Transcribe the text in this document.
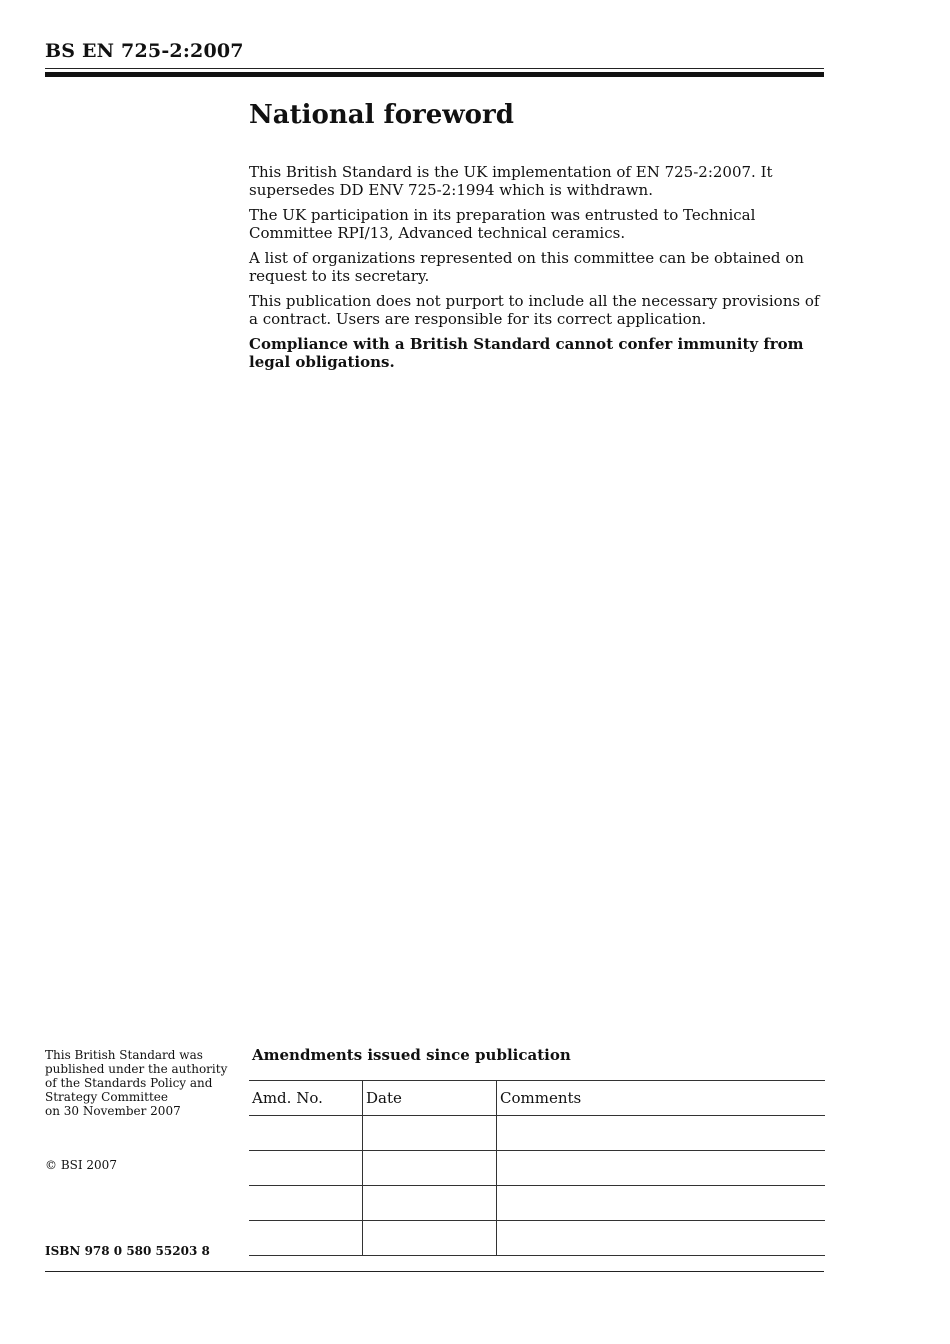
BS EN 725-2:2007
National foreword

This British Standard is the UK implementation of EN 725-2:2007. It supersedes DD ENV 725-2:1994 which is withdrawn.

The UK participation in its preparation was entrusted to Technical Committee RPI/13, Advanced technical ceramics.

A list of organizations represented on this committee can be obtained on request to its secretary.

This publication does not purport to include all the necessary provisions of a contract. Users are responsible for its correct application.

Compliance with a British Standard cannot confer immunity from legal obligations.

This British Standard was
published under the authority
of the Standards Policy and
Strategy Committee
on 30 November 2007
© BSI 2007
ISBN 978 0 580 55203 8
Amendments issued since publication
Amd. No.	Date	Comments
